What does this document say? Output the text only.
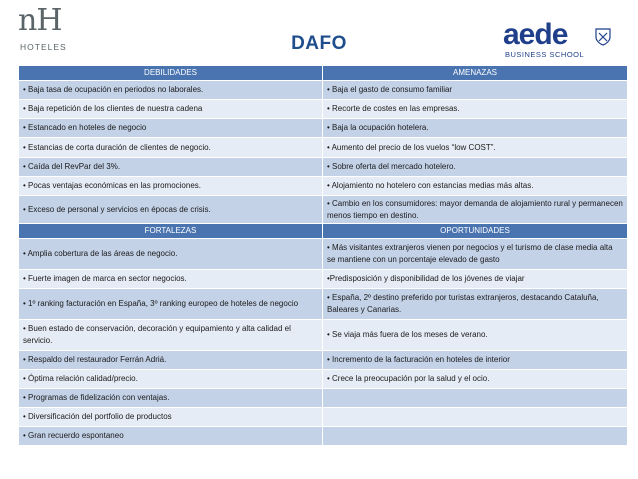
nH
HOTELES	DAFO	aede
BUSINESS SCHOOL
DEBILIDADES	AMENAZAS
• Baja tasa de ocupación en periodos no laborales.	• Baja el gasto de consumo familiar
• Baja repetición de los clientes de nuestra cadena	• Recorte de costes en las empresas.
• Estancado en hoteles de negocio	• Baja la ocupación hotelera.
• Estancias de corta duración de clientes de negocio.	• Aumento del precio de los vuelos “low COST”.
• Caída del RevPar del 3%.	• Sobre oferta del mercado hotelero.
• Pocas ventajas económicas en las promociones.	• Alojamiento no hotelero con estancias medias más altas.
• Exceso de personal y servicios en épocas de crisis.	• Cambio en los consumidores: mayor demanda de alojamiento rural y permanecen menos tiempo en destino.
FORTALEZAS	OPORTUNIDADES
• Amplia cobertura de las áreas de negocio.	• Más visitantes extranjeros vienen por negocios y el turismo de clase media alta se mantiene con un porcentaje elevado de gasto
• Fuerte imagen de marca en sector negocios.	•Predisposición y disponibilidad de los jóvenes de viajar
• 1º ranking facturación en España, 3º ranking europeo de hoteles de negocio	• España, 2º destino preferido por turistas extranjeros, destacando Cataluña, Baleares y Canarias.
• Buen estado de conservación, decoración y equipamiento y alta calidad el servicio.	• Se viaja más fuera de los meses de verano.
• Respaldo del restaurador Ferrán Adriá.	• Incremento de la facturación en hoteles de interior
• Óptima relación calidad/precio.	• Crece la preocupación por la salud y el ocio.
• Programas de fidelización con ventajas.	
• Diversificación del portfolio de productos	
• Gran recuerdo espontaneo	
